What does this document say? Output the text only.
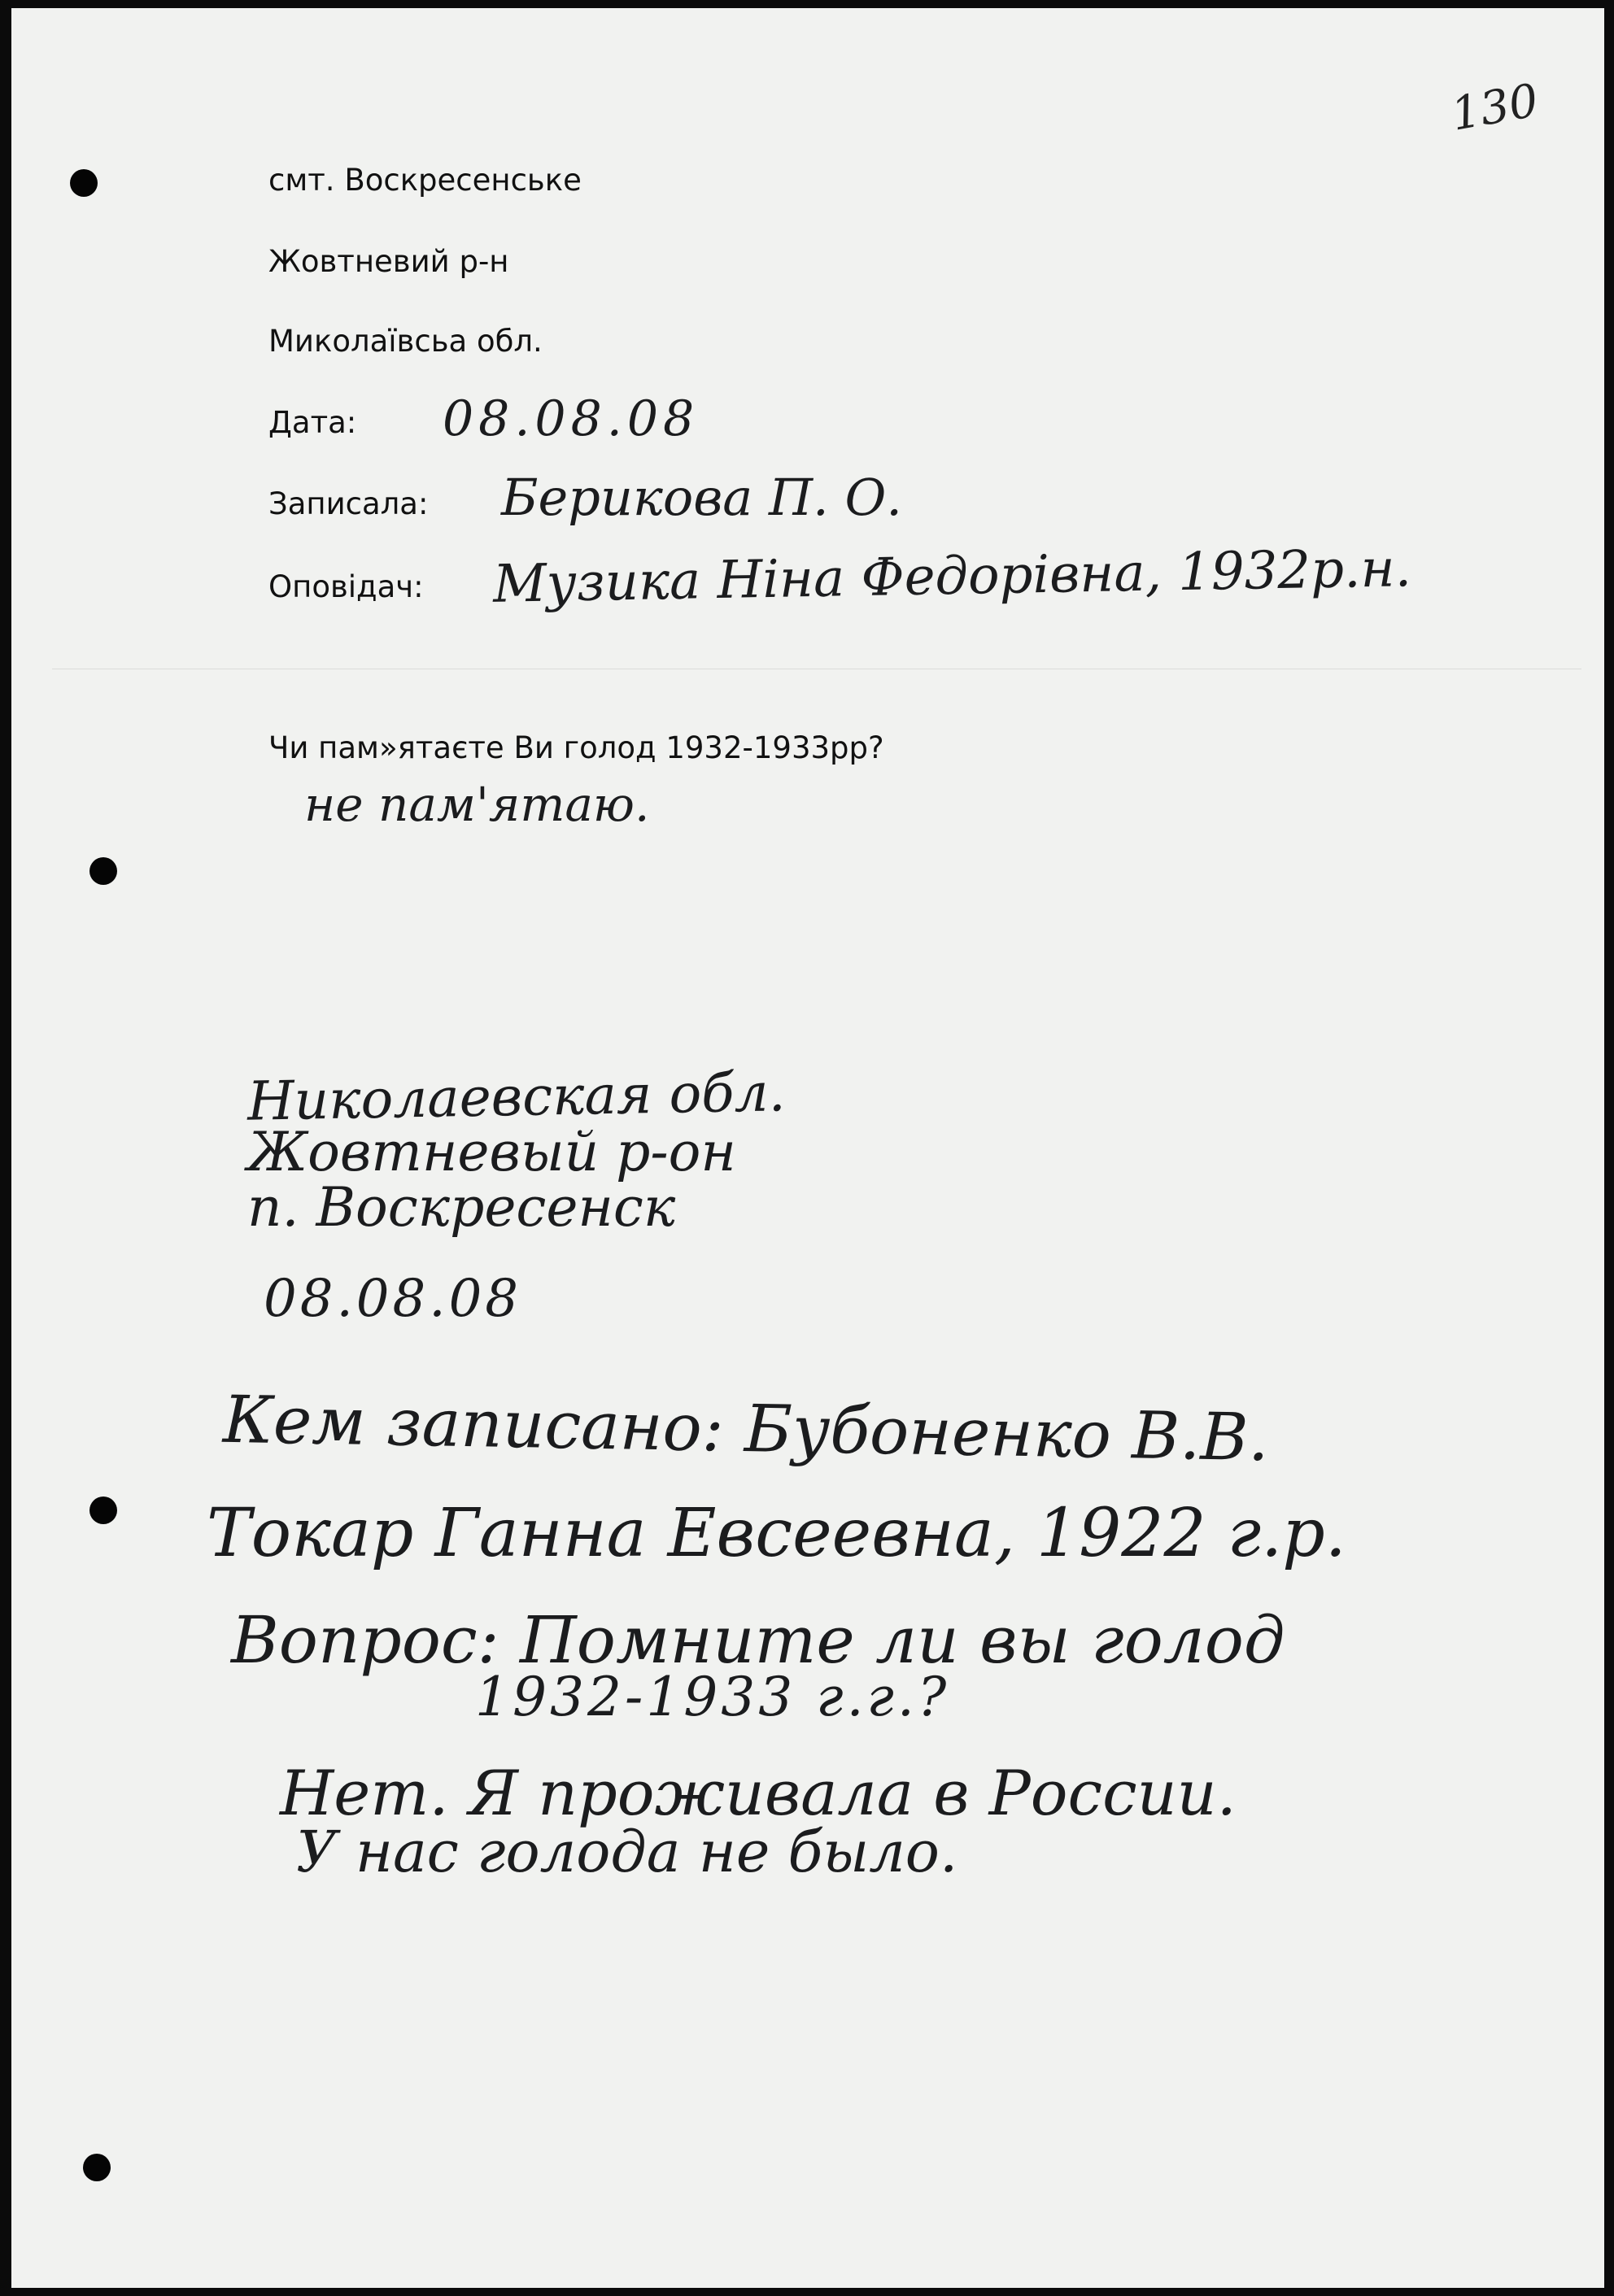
130
смт. Воскресенське
Жовтневий р-н
Миколаївсьа обл.
Дата: 08.08.08
Записала: Берикова П. О.
Оповідач: Музика Ніна Федорівна, 1932р.н.
Чи пам»ятаєте Ви голод 1932-1933рр?
не пам'ятаю.
Николаевская обл.
Жовтневый р-он
п. Воскресенск
08.08.08
Кем записано: Бубоненко В.В.
Токар Ганна Евсеевна, 1922 г.р.
Вопрос: Помните ли вы голод
1932-1933 г.г.?
Нет. Я проживала в России.
У нас голода не было.
